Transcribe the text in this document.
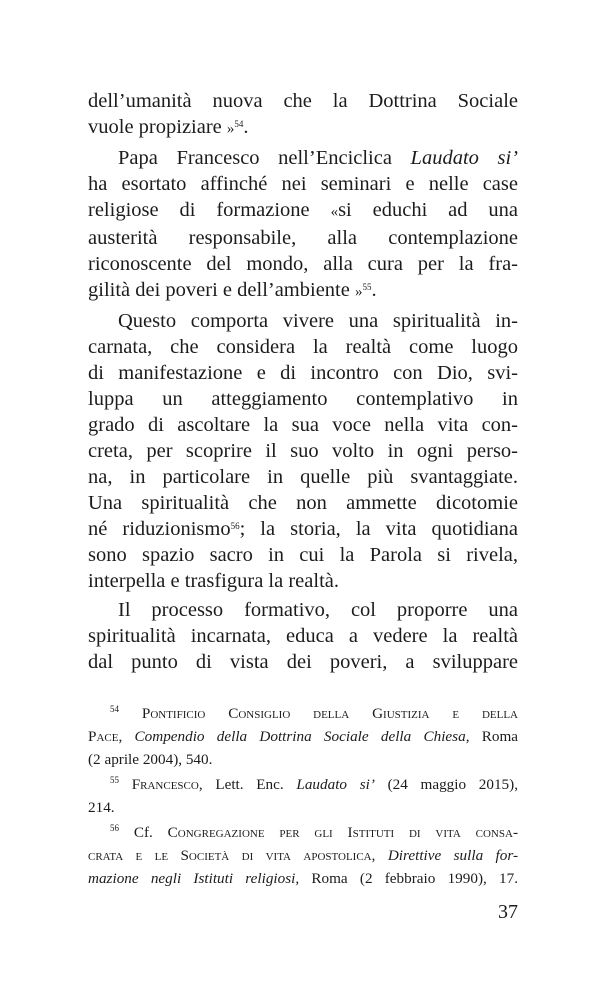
dell’umanità nuova che la Dottrina Sociale
vuole propiziare »$^{54}$.
Papa Francesco nell’Enciclica Laudato si’
ha esortato affinché nei seminari e nelle case
religiose di formazione «si educhi ad una
austerità responsabile, alla contemplazione
riconoscente del mondo, alla cura per la fra-
gilità dei poveri e dell’ambiente »$^{55}$.
Questo comporta vivere una spiritualità in-
carnata, che considera la realtà come luogo
di manifestazione e di incontro con Dio, svi-
luppa un atteggiamento contemplativo in
grado di ascoltare la sua voce nella vita con-
creta, per scoprire il suo volto in ogni perso-
na, in particolare in quelle più svantaggiate.
Una spiritualità che non ammette dicotomie
né riduzionismo$^{56}$; la storia, la vita quotidiana
sono spazio sacro in cui la Parola si rivela,
interpella e trasfigura la realtà.
Il processo formativo, col proporre una
spiritualità incarnata, educa a vedere la realtà
dal punto di vista dei poveri, a sviluppare
$^{54}$ Pontificio Consiglio della Giustizia e della
Pace, Compendio della Dottrina Sociale della Chiesa, Roma
(2 aprile 2004), 540.
$^{55}$ Francesco, Lett. Enc. Laudato si’ (24 maggio 2015),
214.
$^{56}$ Cf. Congregazione per gli Istituti di vita consa-
crata e le Società di vita apostolica, Direttive sulla for-
mazione negli Istituti religiosi, Roma (2 febbraio 1990), 17.
37
